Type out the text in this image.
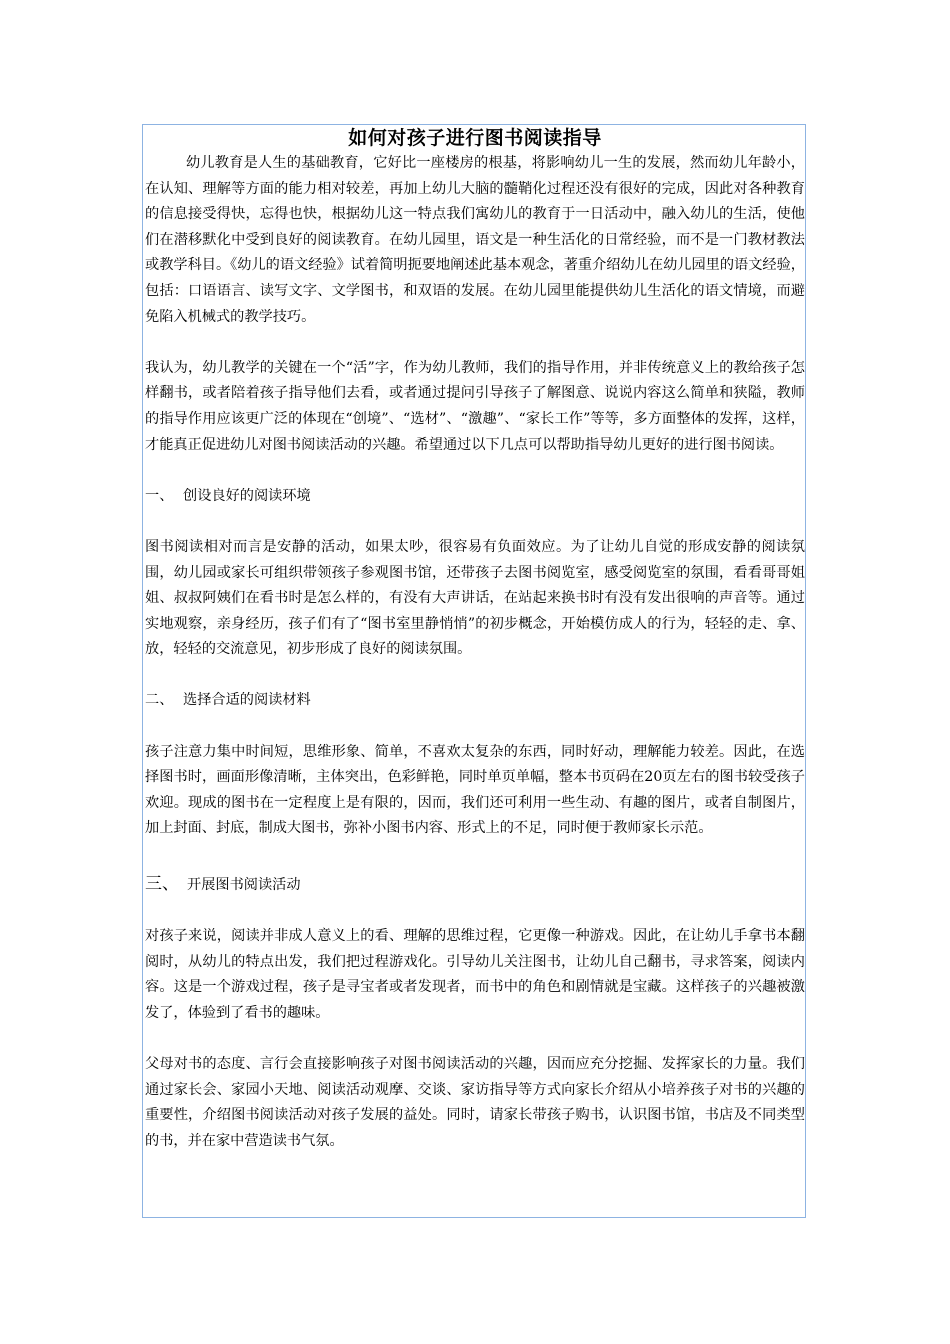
如何对孩子进行图书阅读指导

幼儿教育是人生的基础教育，它好比一座楼房的根基，将影响幼儿一生的发展，然而幼儿年龄小，在认知、理解等方面的能力相对较差，再加上幼儿大脑的髓鞘化过程还没有很好的完成，因此对各种教育的信息接受得快，忘得也快，根据幼儿这一特点我们寓幼儿的教育于一日活动中，融入幼儿的生活，使他们在潜移默化中受到良好的阅读教育。在幼儿园里，语文是一种生活化的日常经验，而不是一门教材教法或教学科目。《幼儿的语文经验》试着简明扼要地阐述此基本观念，著重介绍幼儿在幼儿园里的语文经验，包括：口语语言、读写文字、文学图书，和双语的发展。在幼儿园里能提供幼儿生活化的语文情境，而避免陷入机械式的教学技巧。

我认为，幼儿教学的关键在一个“活”字，作为幼儿教师，我们的指导作用，并非传统意义上的教给孩子怎样翻书，或者陪着孩子指导他们去看，或者通过提问引导孩子了解图意、说说内容这么简单和狭隘，教师的指导作用应该更广泛的体现在“创境”、“选材”、“激趣”、“家长工作”等等，多方面整体的发挥，这样，才能真正促进幼儿对图书阅读活动的兴趣。希望通过以下几点可以帮助指导幼儿更好的进行图书阅读。

一、 创设良好的阅读环境

图书阅读相对而言是安静的活动，如果太吵，很容易有负面效应。为了让幼儿自觉的形成安静的阅读氛围，幼儿园或家长可组织带领孩子参观图书馆，还带孩子去图书阅览室，感受阅览室的氛围，看看哥哥姐姐、叔叔阿姨们在看书时是怎么样的，有没有大声讲话，在站起来换书时有没有发出很响的声音等。通过实地观察，亲身经历，孩子们有了“图书室里静悄悄”的初步概念，开始模仿成人的行为，轻轻的走、拿、放，轻轻的交流意见，初步形成了良好的阅读氛围。

二、 选择合适的阅读材料

孩子注意力集中时间短，思维形象、简单，不喜欢太复杂的东西，同时好动，理解能力较差。因此，在选择图书时，画面形像清晰，主体突出，色彩鲜艳，同时单页单幅，整本书页码在20页左右的图书较受孩子欢迎。现成的图书在一定程度上是有限的，因而，我们还可利用一些生动、有趣的图片，或者自制图片，加上封面、封底，制成大图书，弥补小图书内容、形式上的不足，同时便于教师家长示范。

三、 开展图书阅读活动

对孩子来说，阅读并非成人意义上的看、理解的思维过程，它更像一种游戏。因此，在让幼儿手拿书本翻阅时，从幼儿的特点出发，我们把过程游戏化。引导幼儿关注图书，让幼儿自己翻书，寻求答案，阅读内容。这是一个游戏过程，孩子是寻宝者或者发现者，而书中的角色和剧情就是宝藏。这样孩子的兴趣被激发了，体验到了看书的趣味。

父母对书的态度、言行会直接影响孩子对图书阅读活动的兴趣，因而应充分挖掘、发挥家长的力量。我们通过家长会、家园小天地、阅读活动观摩、交谈、家访指导等方式向家长介绍从小培养孩子对书的兴趣的重要性，介绍图书阅读活动对孩子发展的益处。同时，请家长带孩子购书，认识图书馆，书店及不同类型的书，并在家中营造读书气氛。
